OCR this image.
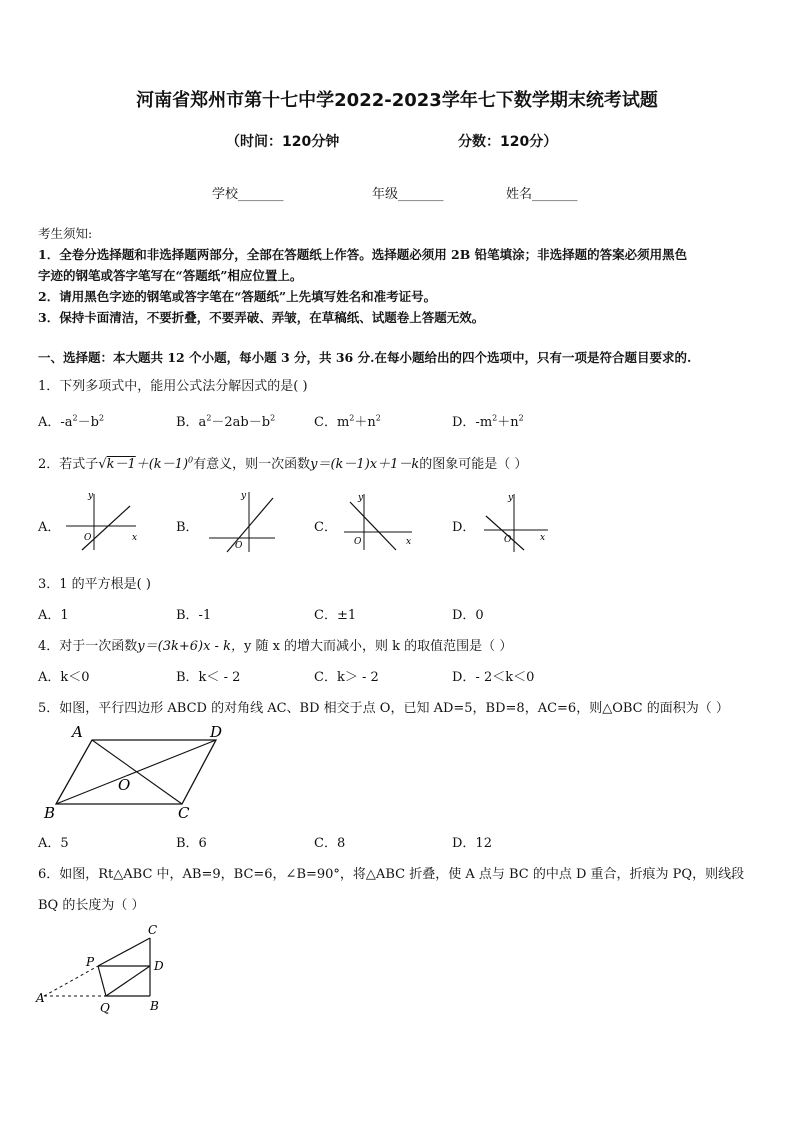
河南省郑州市第十七中学2022-2023学年七下数学期末统考试题
（时间：120分钟	分数：120分）
学校_______	年级_______	姓名_______
考生须知:
1．全卷分选择题和非选择题两部分，全部在答题纸上作答。选择题必须用 2B 铅笔填涂；非选择题的答案必须用黑色
字迹的钢笔或答字笔写在“答题纸”相应位置上。
2．请用黑色字迹的钢笔或答字笔在“答题纸”上先填写姓名和准考证号。
3．保持卡面清洁，不要折叠，不要弄破、弄皱，在草稿纸、试题卷上答题无效。
一、选择题：本大题共 12 个小题，每小题 3 分，共 36 分.在每小题给出的四个选项中，只有一项是符合题目要求的.
1．下列多项式中，能用公式法分解因式的是( )
A．$-a^2-b^2$	B．$a^2-2ab-b^2$	C．$m^2+n^2$	D．$-m^2+n^2$
2．若式子$√k-1+(k-1)^0$有意义，则一次函数y＝(k－1)x＋1－k的图象可能是（ ）
A．	B．	C．	D．
y
x
O
y
O
y
x
O
y
x
O
3．1 的平方根是( )
A．1	B．-1	C．±1	D．0
4．对于一次函数y＝(3k+6)x - k，y 随 x 的增大而减小，则 k 的取值范围是（ ）
A．k＜0	B．k＜ - 2	C．k＞ - 2	D．- 2＜k＜0
5．如图，平行四边形 ABCD 的对角线 AC、BD 相交于点 O，已知 AD=5，BD=8，AC=6，则△OBC 的面积为（ ）
A	D
B	C
O
A．5	B．6	C．8	D．12
6．如图，Rt△ABC 中，AB=9，BC=6，∠B=90°，将△ABC 折叠，使 A 点与 BC 的中点 D 重合，折痕为 PQ，则线段
BQ 的长度为（ ）
C
P	D
A
Q	B
